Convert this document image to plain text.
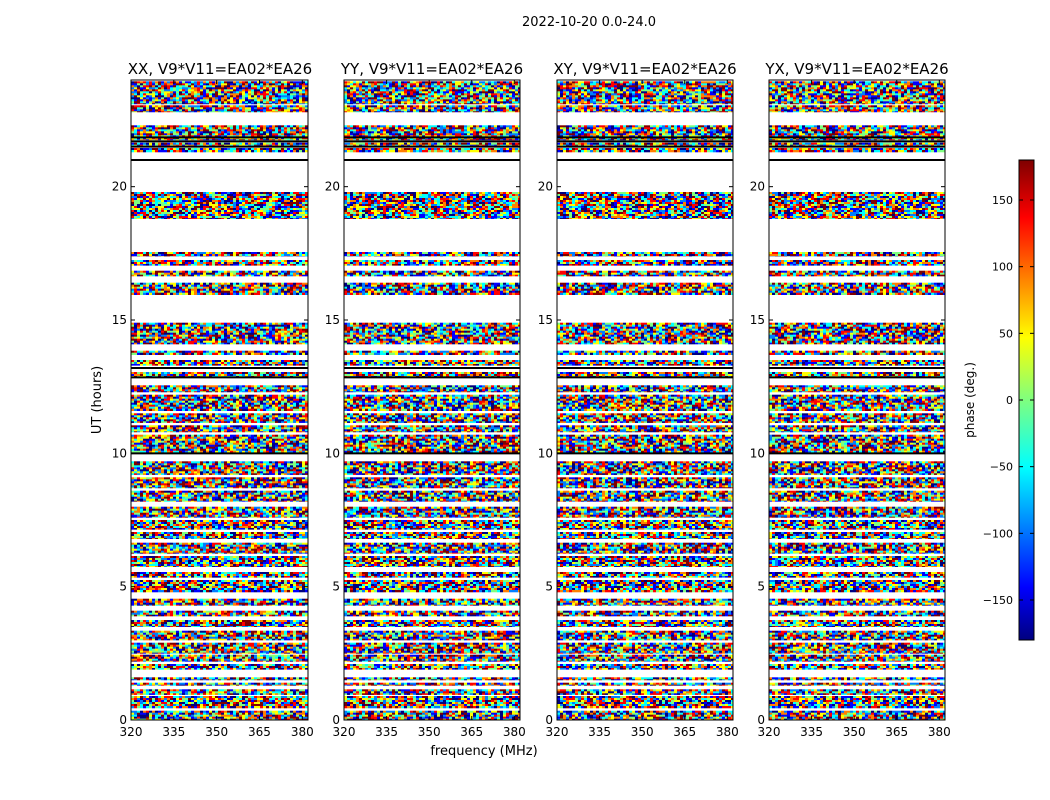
2022-10-20 0.0-24.0
XX, V9*V11=EA02*EA26
320 335 350 365 380
0
5
10
15
20
YY, V9*V11=EA02*EA26
320 335 350 365 380
0
5
10
15
20
XY, V9*V11=EA02*EA26
320 335 350 365 380
0
5
10
15
20
YX, V9*V11=EA02*EA26
320 335 350 365 380
0
5
10
15
20
UT (hours)
frequency (MHz)
−150
−100
−50
0
50
100
150
phase (deg.)
